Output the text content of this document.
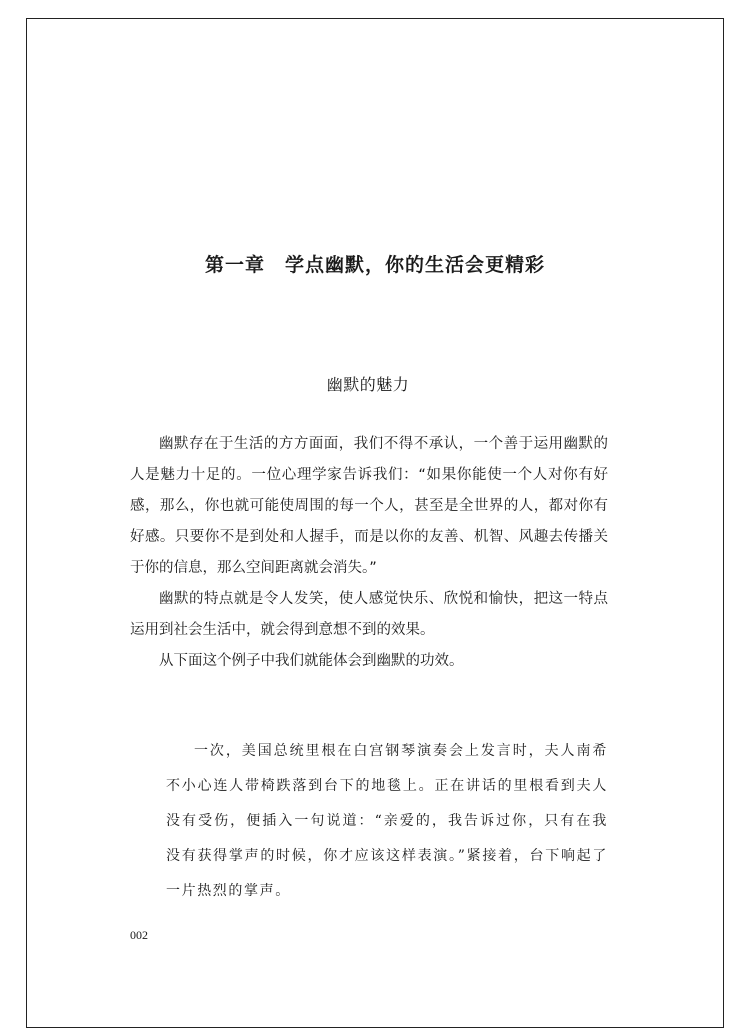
第一章　学点幽默，你的生活会更精彩
幽默的魅力

幽默存在于生活的方方面面，我们不得不承认，一个善于运用幽默的人是魅力十足的。一位心理学家告诉我们：“如果你能使一个人对你有好感，那么，你也就可能使周围的每一个人，甚至是全世界的人，都对你有好感。只要你不是到处和人握手，而是以你的友善、机智、风趣去传播关于你的信息，那么空间距离就会消失。”

幽默的特点就是令人发笑，使人感觉快乐、欣悦和愉快，把这一特点运用到社会生活中，就会得到意想不到的效果。

从下面这个例子中我们就能体会到幽默的功效。

一次，美国总统里根在白宫钢琴演奏会上发言时，夫人南希不小心连人带椅跌落到台下的地毯上。正在讲话的里根看到夫人没有受伤，便插入一句说道：“亲爱的，我告诉过你，只有在我没有获得掌声的时候，你才应该这样表演。”紧接着，台下响起了一片热烈的掌声。

002
